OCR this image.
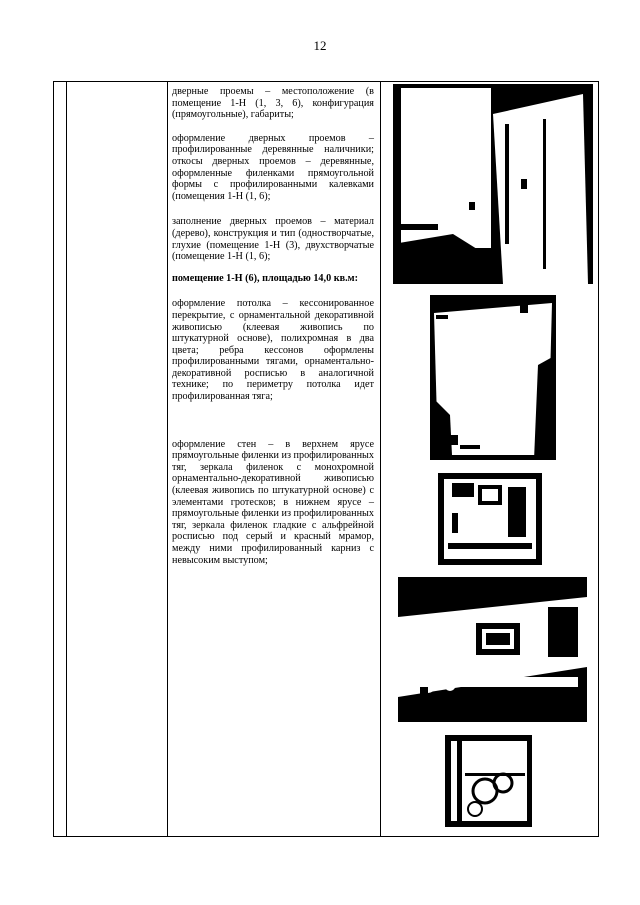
12

дверные проемы – местоположение (в помещение 1-Н (1, 3, 6), конфигурация (прямоугольные), габариты;

оформление дверных проемов – профилированные деревянные наличники; откосы дверных проемов – деревянные, оформленные филенками прямоугольной формы с профилированными калевками (помещения 1-Н (1, 6);

заполнение дверных проемов – материал (дерево), конструкция и тип (одностворчатые, глухие (помещение 1-Н (3), двухстворчатые (помещение 1-Н (1, 6);

помещение 1-Н (6), площадью 14,0 кв.м:

оформление потолка – кессонированное перекрытие, с орнаментальной декоративной живописью (клеевая живопись по штукатурной основе), полихромная в два цвета; ребра кессонов оформлены профилированными тягами, орнаментально-декоративной росписью в аналогичной технике; по периметру потолка идет профилированная тяга;

оформление стен – в верхнем ярусе прямоугольные филенки из профилированных тяг, зеркала филенок с монохромной орнаментально-декоративной живописью (клеевая живопись по штукатурной основе) с элементами гротесков; в нижнем ярусе – прямоугольные филенки из профилированных тяг, зеркала филенок гладкие с альфрейной росписью под серый и красный мрамор, между ними профилированный карниз с невысоким выступом;
